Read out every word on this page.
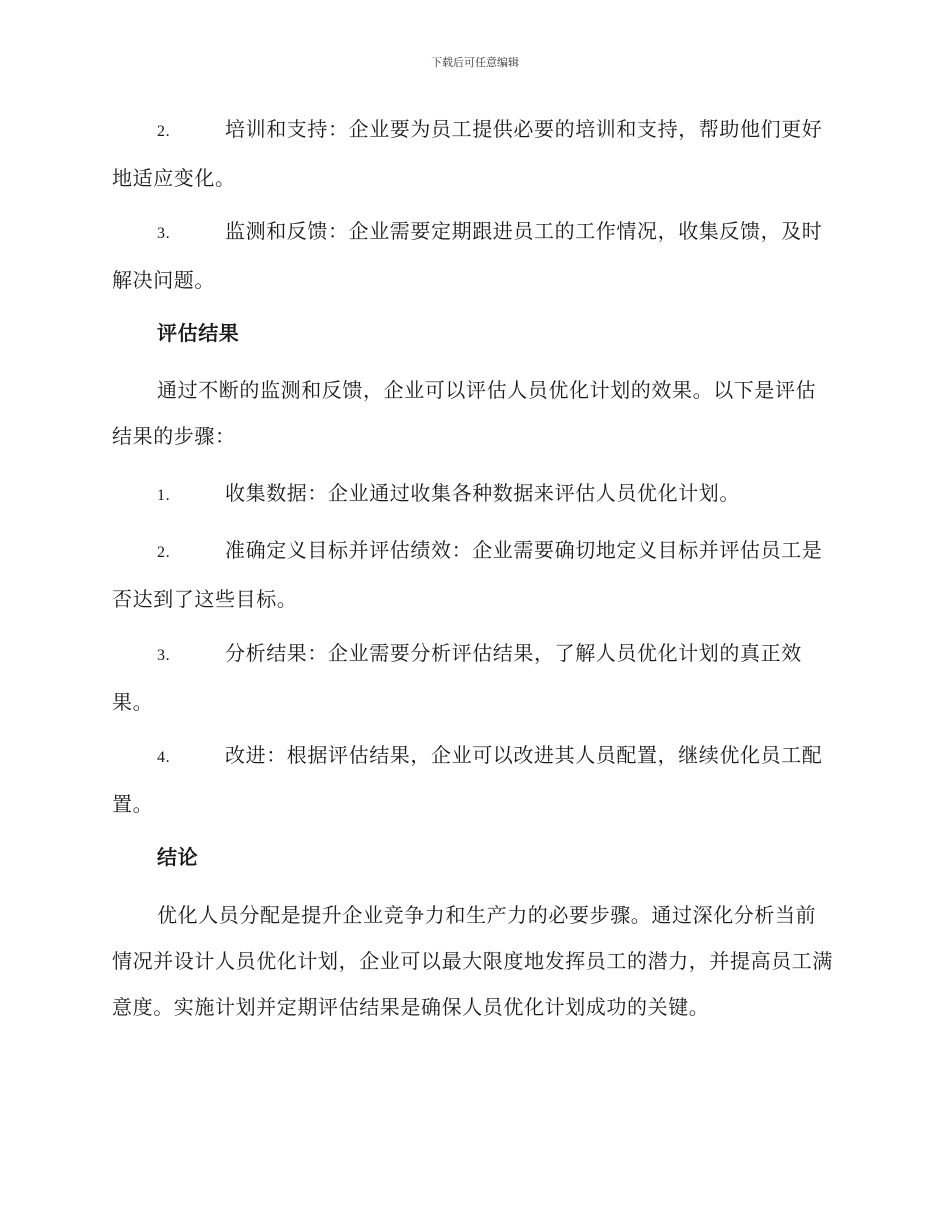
下载后可任意编辑
2.	培训和支持：企业要为员工提供必要的培训和支持，帮助他们更好地适应变化。
3.	监测和反馈：企业需要定期跟进员工的工作情况，收集反馈，及时解决问题。
评估结果
通过不断的监测和反馈，企业可以评估人员优化计划的效果。以下是评估结果的步骤：
1.	收集数据：企业通过收集各种数据来评估人员优化计划。
2.	准确定义目标并评估绩效：企业需要确切地定义目标并评估员工是否达到了这些目标。
3.	分析结果：企业需要分析评估结果，了解人员优化计划的真正效果。
4.	改进：根据评估结果，企业可以改进其人员配置，继续优化员工配置。
结论
优化人员分配是提升企业竞争力和生产力的必要步骤。通过深化分析当前情况并设计人员优化计划，企业可以最大限度地发挥员工的潜力，并提高员工满意度。实施计划并定期评估结果是确保人员优化计划成功的关键。
